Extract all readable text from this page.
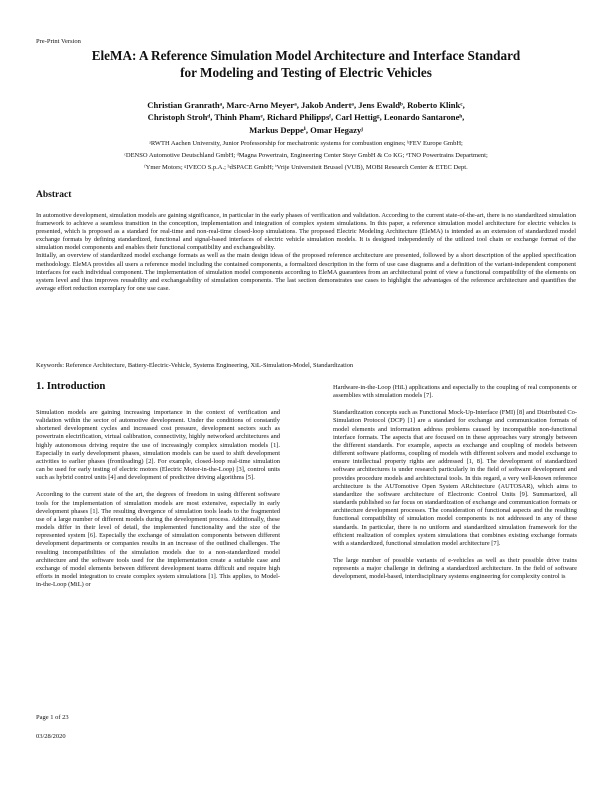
Pre-Print Version
EleMA: A Reference Simulation Model Architecture and Interface Standard
for Modeling and Testing of Electric Vehicles
Christian Granrathᵃ, Marc-Arno Meyerᵃ, Jakob Andertᵃ, Jens Ewaldᵇ, Roberto Klinkᶜ,
Christoph Strohᵈ, Thinh Phamᵉ, Richard Philippsᶠ, Carl Hettigᵍ, Leonardo Santaroneʰ,
Markus Deppeⁱ, Omar Hegazyʲ
ᵃRWTH Aachen University, Junior Professorship for mechatronic systems for combustion engines; ᵇFEV Europe GmbH;
ᶜDENSO Automotive Deutschland GmbH; ᵈMagna Powertrain, Engineering Center Steyr GmbH & Co KG; ᵉTNO Powertrains Department;
ᶠYmer Motors; ᵍIVECO S.p.A.; ʰdSPACE GmbH; ⁱVrije Universiteit Brussel (VUB), MOBI Research Center & ETEC Dept.
Abstract

In automotive development, simulation models are gaining significance, in particular in the early phases of verification and validation. According to the current state-of-the-art, there is no standardized simulation framework to achieve a seamless transition in the conception, implementation and integration of complex system simulations. In this paper, a reference simulation model architecture for electric vehicles is presented, which is proposed as a standard for real-time and non-real-time closed-loop simulations. The proposed Electric Modeling Architecture (EleMA) is intended as an extension of standardized model exchange formats by defining standardized, functional and signal-based interfaces of electric vehicle simulation models. It is designed independently of the utilized tool chain or exchange format of the simulation model components and enables their functional compatibility and exchangeability.

Initially, an overview of standardized model exchange formats as well as the main design ideas of the proposed reference architecture are presented, followed by a short description of the applied specification methodology. EleMA provides all users a reference model including the contained components, a formalized description in the form of use case diagrams and a definition of the variant-independent component interfaces for each individual component. The implementation of simulation model components according to EleMA guarantees from an architectural point of view a functional compatibility of the elements on system level and thus improves reusability and exchangeability of simulation components. The last section demonstrates use cases to highlight the advantages of the reference architecture and quantifies the average effort reduction exemplary for one use case.

Keywords: Reference Architecture, Battery-Electric-Vehicle, Systems Engineering, XiL-Simulation-Model, Standardization
1. Introduction

Simulation models are gaining increasing importance in the context of verification and validation within the sector of automotive development. Under the conditions of constantly shortened development cycles and increased cost pressure, development sectors such as powertrain electrification, virtual calibration, connectivity, highly networked architectures and highly autonomous driving require the use of increasingly complex simulation models [1]. Especially in early development phases, simulation models can be used to shift development activities to earlier phases (frontloading) [2]. For example, closed-loop real-time simulation can be used for early testing of electric motors (Electric Motor-in-the-Loop) [3], control units such as hybrid control units [4] and development of predictive driving algorithms [5].

According to the current state of the art, the degrees of freedom in using different software tools for the implementation of simulation models are most extensive, especially in early development phases [1]. The resulting divergence of simulation tools leads to the fragmented use of a large number of different models during the development process. Additionally, these models differ in their level of detail, the implemented functionality and the size of the represented system [6]. Especially the exchange of simulation components between different development departments or companies results in an increase of the outlined challenges. The resulting incompatibilities of the simulation models due to a non-standardized model architecture and the software tools used for the implementation create a suitable case and exchange of model elements between different development teams difficult and require high efforts in model integration to create complex system simulations [1]. This applies, to Model-in-the-Loop (MiL) or

Hardware-in-the-Loop (HiL) applications and especially to the coupling of real components or assemblies with simulation models [7].

Standardization concepts such as Functional Mock-Up-Interface (FMI) [8] and Distributed Co-Simulation Protocol (DCP) [1] are a standard for exchange and communication formats of model elements and information address problems caused by incompatible non-functional interface formats. The aspects that are focused on in these approaches vary strongly between the different standards. For example, aspects as exchange and coupling of models between different software platforms, coupling of models with different solvers and model exchange to ensure intellectual property rights are addressed [1, 8]. The development of standardized software architectures is under research particularly in the field of software development and provides procedure models and architectural tools. In this regard, a very well-known reference architecture is the AUTomotive Open System ARchitecture (AUTOSAR), which aims to standardize the software architecture of Electronic Control Units [9]. Summarized, all standards published so far focus on standardization of exchange and communication formats or architecture development processes. The consideration of functional aspects and the resulting functional compatibility of simulation model components is not addressed in any of these standards. In particular, there is no uniform and standardized simulation framework for the efficient realization of complex system simulations that combines existing exchange formats with a standardized, functional simulation model architecture [7].

The large number of possible variants of e-vehicles as well as their possible drive trains represents a major challenge in defining a standardized architecture. In the field of software development, model-based, interdisciplinary systems engineering for complexity control is

Page 1 of 23
03/28/2020
